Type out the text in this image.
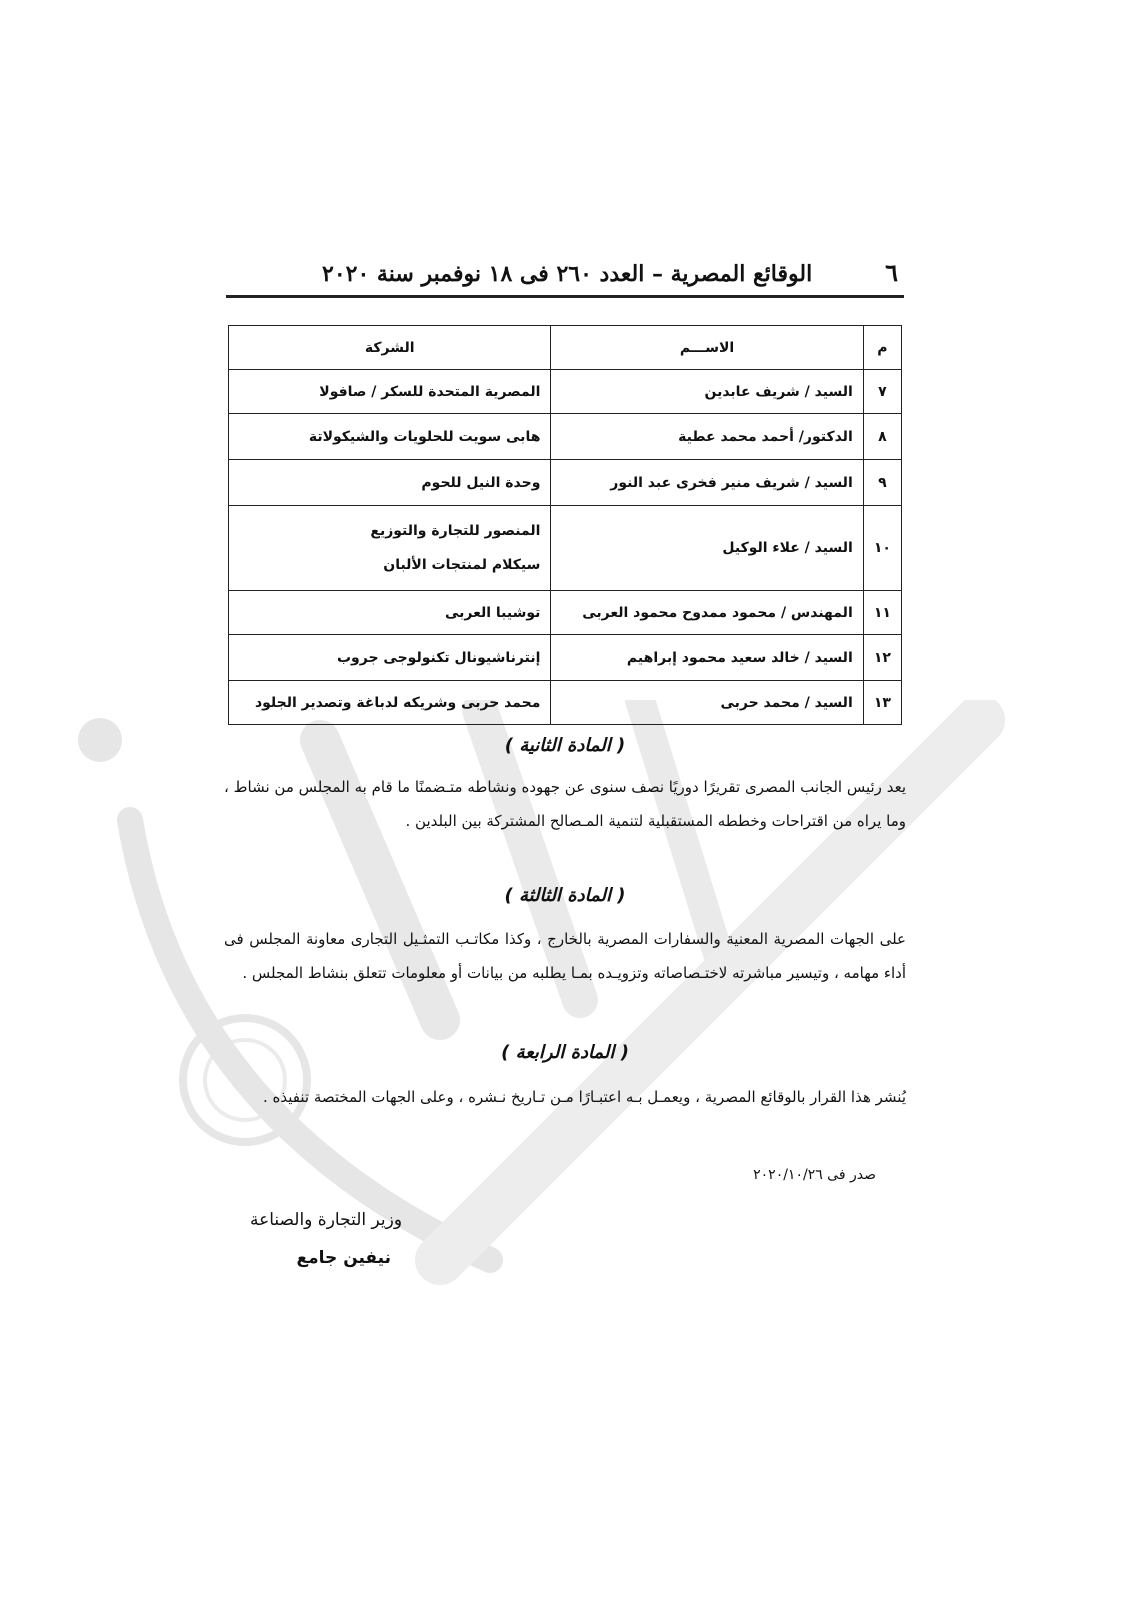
٦
الوقائع المصرية – العدد ٢٦٠ فى ١٨ نوفمبر سنة ٢٠٢٠
م	الاســـم	الشركة
٧	السيد / شريف عابدين	المصرية المتحدة للسكر / صافولا
٨	الدكتور/ أحمد محمد عطية	هابى سويت للحلويات والشيكولاتة
٩	السيد / شريف منير فخرى عبد النور	وحدة النيل للحوم
١٠	السيد / علاء الوكيل	المنصور للتجارة والتوزيع
سيكلام لمنتجات الألبان

١١	المهندس / محمود ممدوح محمود العربى	توشيبا العربى
١٢	السيد / خالد سعيد محمود إبراهيم	إنترناشيونال تكنولوجى جروب
١٣	السيد / محمد حربى	محمد حربى وشريكه لدباغة وتصدير الجلود
( المادة الثانية )
يعد رئيس الجانب المصرى تقريرًا دوريًا نصف سنوى عن جهوده ونشاطه متـضمنًا ما قام به المجلس من نشاط ، وما يراه من اقتراحات وخططه المستقبلية لتنمية المـصالح المشتركة بين البلدين .
( المادة الثالثة )
على الجهات المصرية المعنية والسفارات المصرية بالخارج ، وكذا مكاتـب التمثـيل التجارى معاونة المجلس فى أداء مهامه ، وتيسير مباشرته لاختـصاصاته وتزويـده بمـا يطلبه من بيانات أو معلومات تتعلق بنشاط المجلس .
( المادة الرابعة )
يُنشر هذا القرار بالوقائع المصرية ، ويعمـل بـه اعتبـارًا مـن تـاريخ نـشره ، وعلى الجهات المختصة تنفيذه .
صدر فى ٢٠٢٠/١٠/٢٦
وزير التجارة والصناعة
نيفين جامع
